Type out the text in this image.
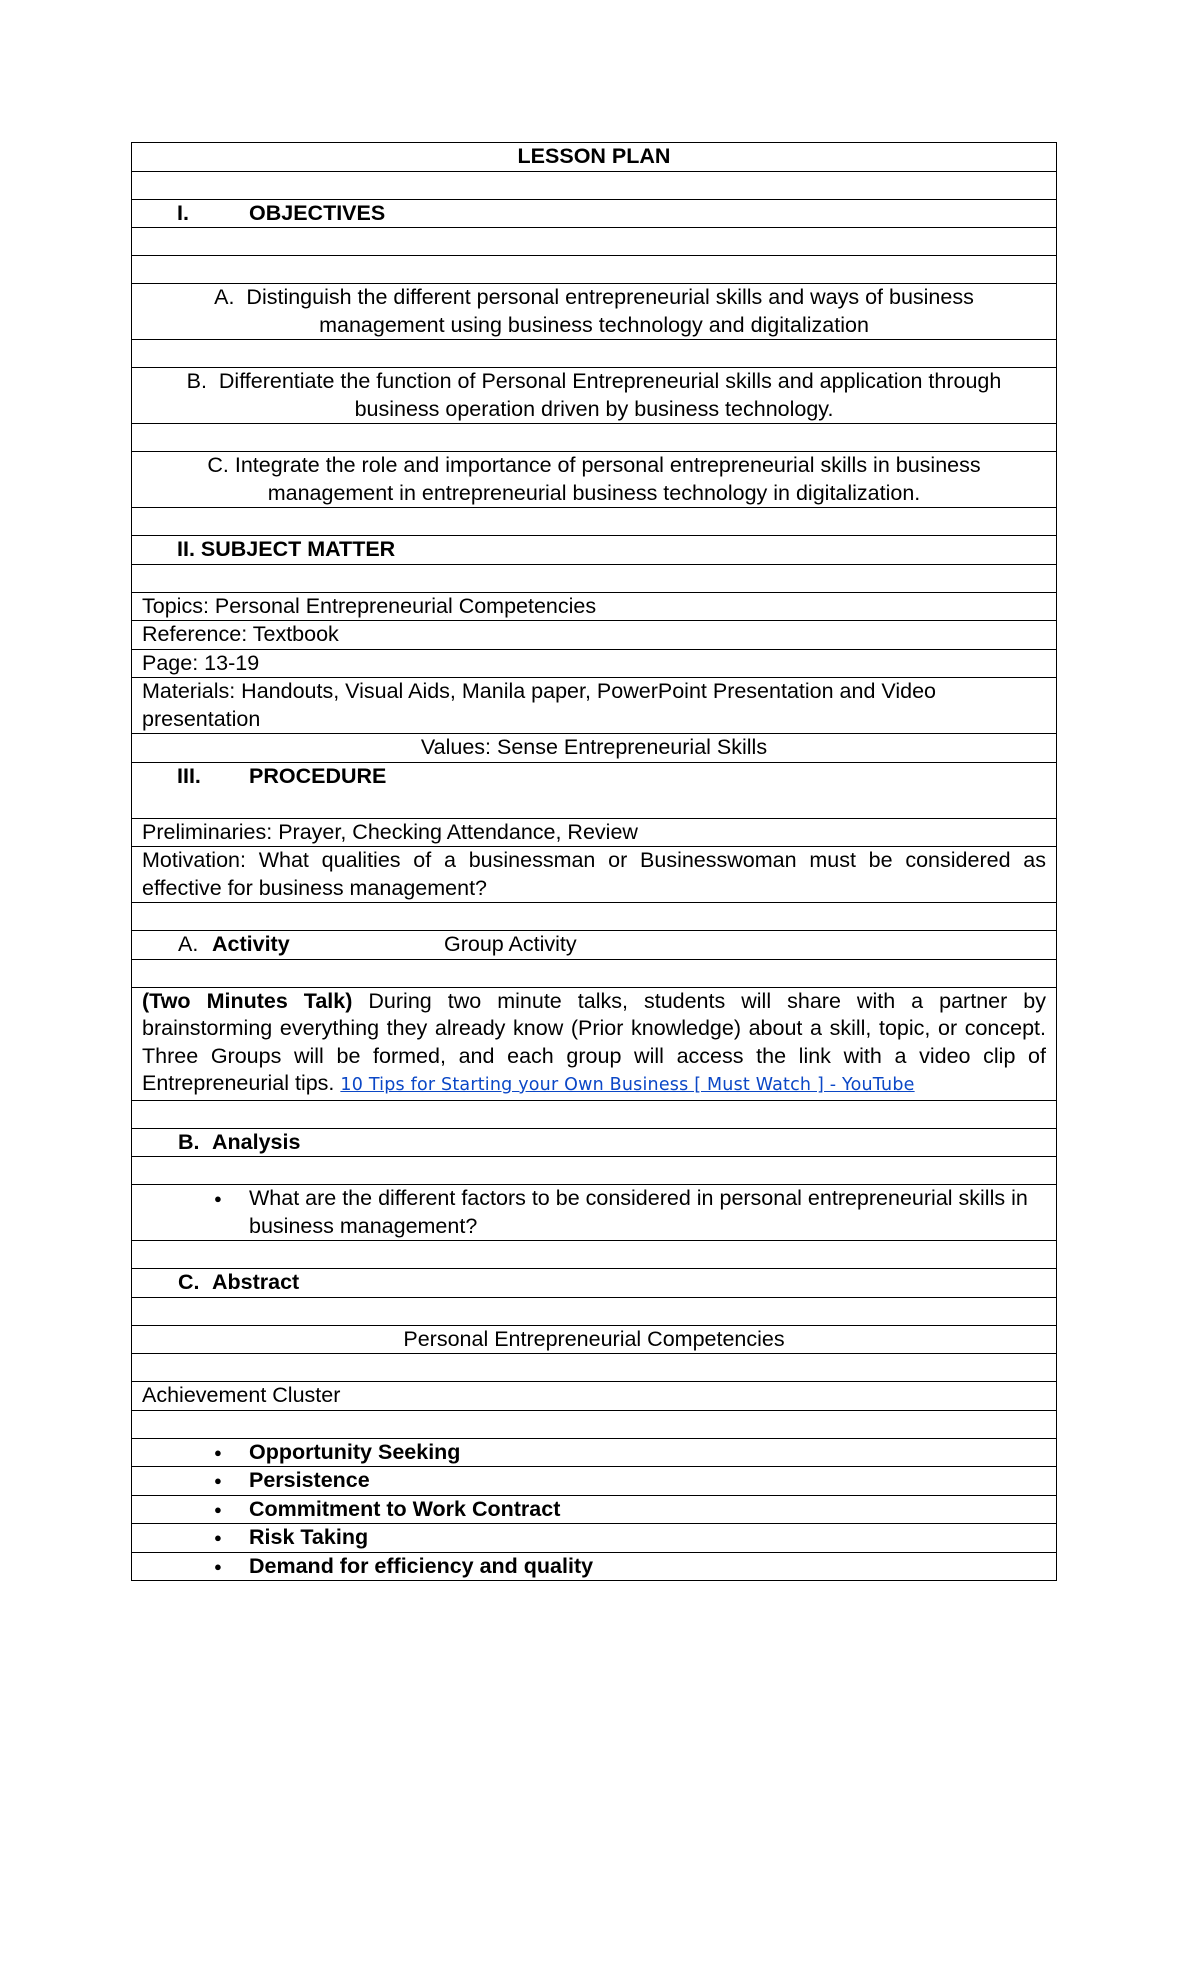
LESSON PLAN

I.	OBJECTIVES

A. Distinguish the different personal entrepreneurial skills and ways of business management using business technology and digitalization

B. Differentiate the function of Personal Entrepreneurial skills and application through business operation driven by business technology.

C. Integrate the role and importance of personal entrepreneurial skills in business management in entrepreneurial business technology in digitalization.

II. SUBJECT MATTER

Topics: Personal Entrepreneurial Competencies
Reference: Textbook
Page: 13-19
Materials: Handouts, Visual Aids, Manila paper, PowerPoint Presentation and Video presentation
Values: Sense Entrepreneurial Skills
III. PROCEDURE
Preliminaries: Prayer, Checking Attendance, Review
Motivation: What qualities of a businessman or Businesswoman must be considered as effective for business management?

A. Activity	Group Activity

(Two Minutes Talk) During two minute talks, students will share with a partner by brainstorming everything they already know (Prior knowledge) about a skill, topic, or concept. Three Groups will be formed, and each group will access the link with a video clip of Entrepreneurial tips. 10 Tips for Starting your Own Business [ Must Watch ] - YouTube

B. Analysis

● What are the different factors to be considered in personal entrepreneurial skills in business management?

C. Abstract

Personal Entrepreneurial Competencies

Achievement Cluster

● Opportunity Seeking

● Persistence

● Commitment to Work Contract

● Risk Taking

● Demand for efficiency and quality
